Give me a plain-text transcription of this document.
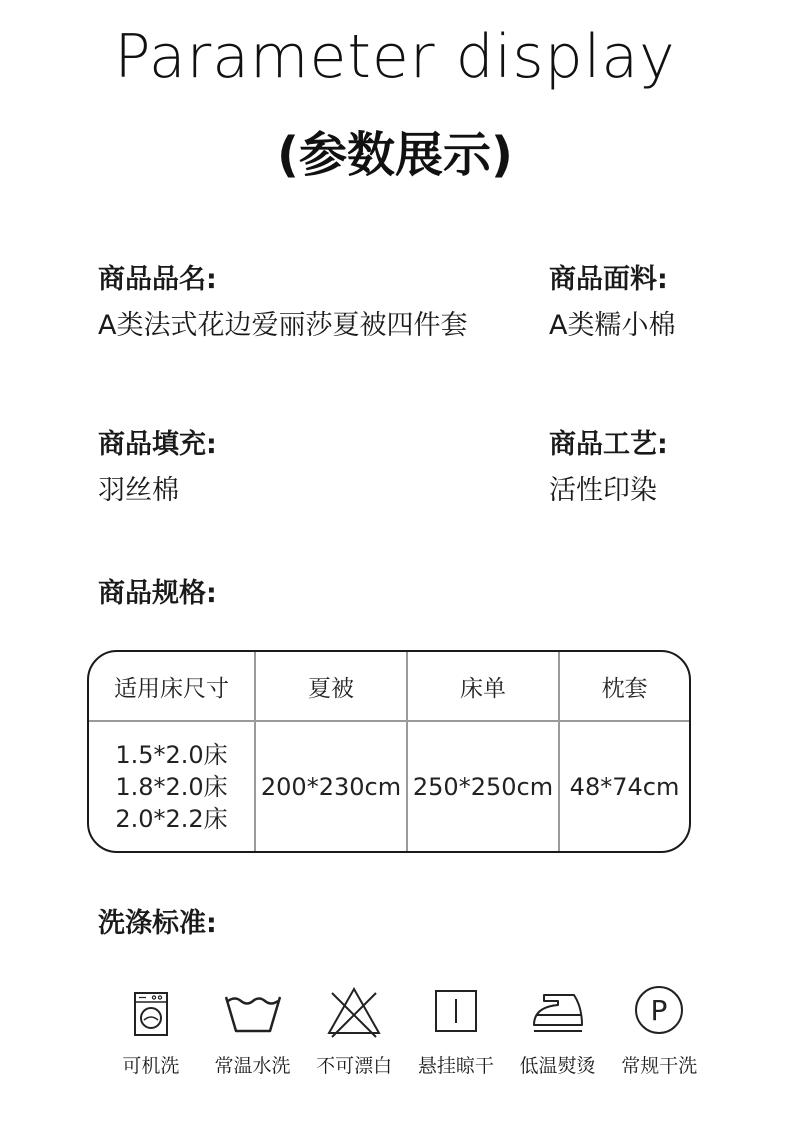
Parameter display
(参数展示)
商品品名:
A类法式花边爱丽莎夏被四件套
商品面料:
A类糯小棉
商品填充:
羽丝棉
商品工艺:
活性印染
商品规格:
适用床尺寸	夏被	床单	枕套

1.5*2.0床
1.8*2.0床
2.0*2.2床	200*230cm	250*250cm	48*74cm
洗涤标准:
可机洗 常温水洗 不可漂白 悬挂晾干 低温熨烫
P
常规干洗
